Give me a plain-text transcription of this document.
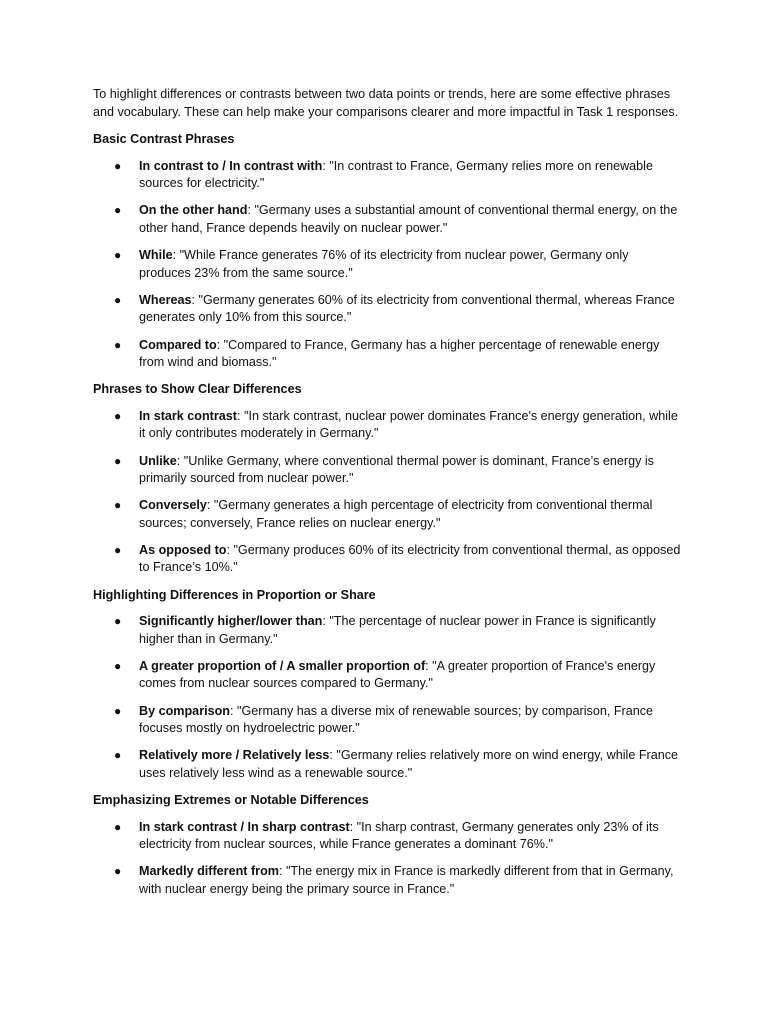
To highlight differences or contrasts between two data points or trends, here are some effective phrases and vocabulary. These can help make your comparisons clearer and more impactful in Task 1 responses.

Basic Contrast Phrases
● In contrast to / In contrast with: "In contrast to France, Germany relies more on renewable sources for electricity."
● On the other hand: "Germany uses a substantial amount of conventional thermal energy, on the other hand, France depends heavily on nuclear power."
● While: "While France generates 76% of its electricity from nuclear power, Germany only produces 23% from the same source."
● Whereas: "Germany generates 60% of its electricity from conventional thermal, whereas France generates only 10% from this source."
● Compared to: "Compared to France, Germany has a higher percentage of renewable energy from wind and biomass."
Phrases to Show Clear Differences
● In stark contrast: "In stark contrast, nuclear power dominates France's energy generation, while it only contributes moderately in Germany."
● Unlike: "Unlike Germany, where conventional thermal power is dominant, France’s energy is primarily sourced from nuclear power."
● Conversely: "Germany generates a high percentage of electricity from conventional thermal sources; conversely, France relies on nuclear energy."
● As opposed to: "Germany produces 60% of its electricity from conventional thermal, as opposed to France’s 10%."
Highlighting Differences in Proportion or Share
● Significantly higher/lower than: "The percentage of nuclear power in France is significantly higher than in Germany."
● A greater proportion of / A smaller proportion of: "A greater proportion of France's energy comes from nuclear sources compared to Germany."
● By comparison: "Germany has a diverse mix of renewable sources; by comparison, France focuses mostly on hydroelectric power."
● Relatively more / Relatively less: "Germany relies relatively more on wind energy, while France uses relatively less wind as a renewable source."
Emphasizing Extremes or Notable Differences
● In stark contrast / In sharp contrast: "In sharp contrast, Germany generates only 23% of its electricity from nuclear sources, while France generates a dominant 76%."
● Markedly different from: "The energy mix in France is markedly different from that in Germany, with nuclear energy being the primary source in France."
